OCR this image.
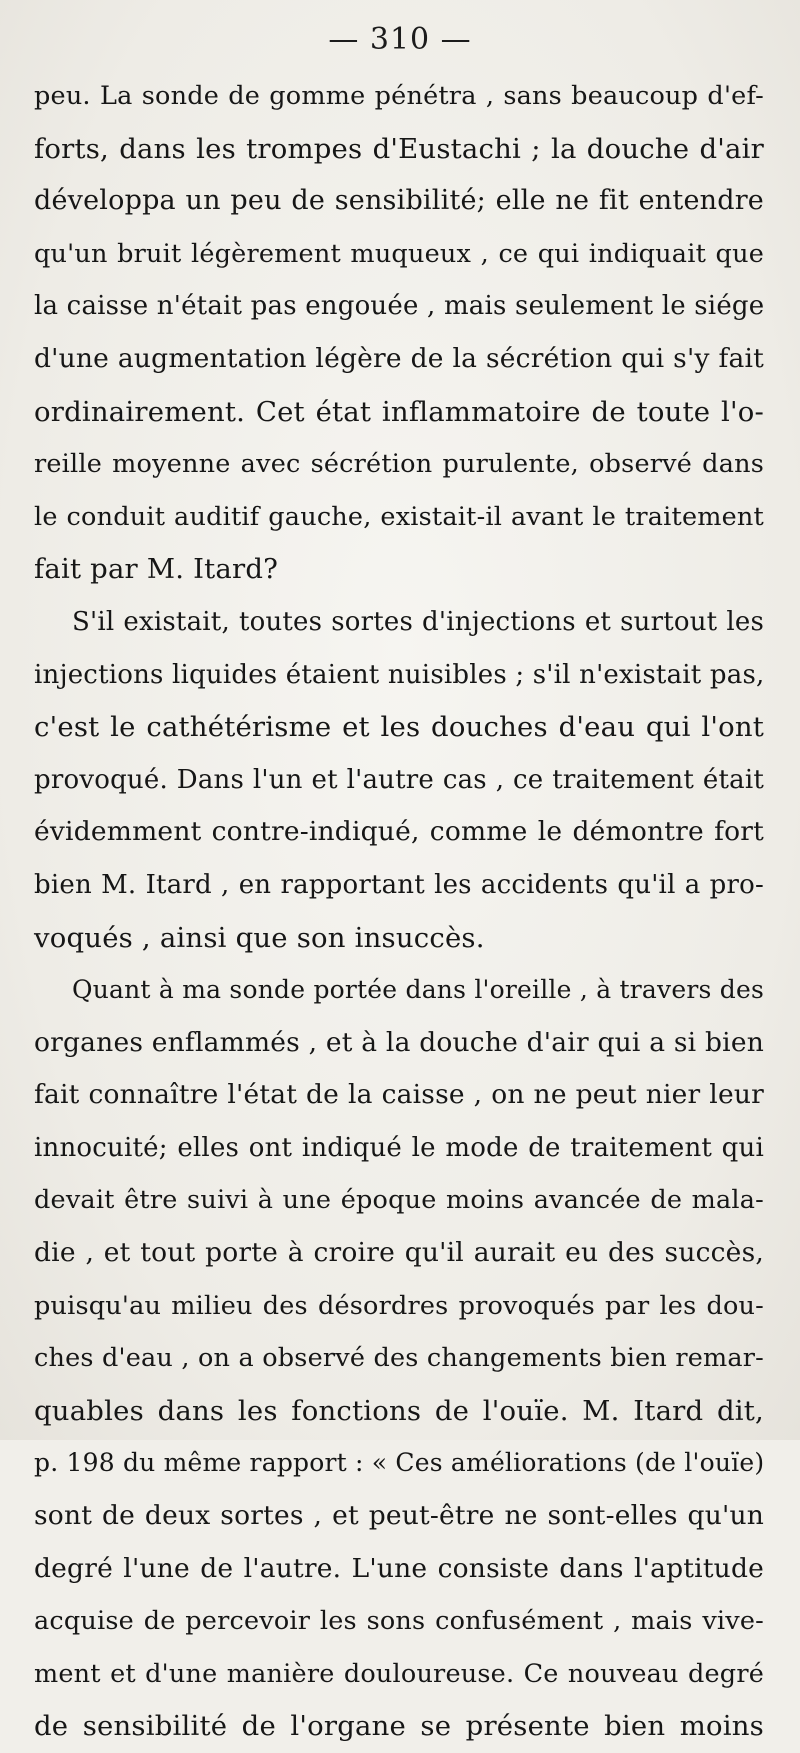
— 310 —
peu. La sonde de gomme pénétra , sans beaucoup d'ef-
forts, dans les trompes d'Eustachi ; la douche d'air
développa un peu de sensibilité; elle ne fit entendre
qu'un bruit légèrement muqueux , ce qui indiquait que
la caisse n'était pas engouée , mais seulement le siége
d'une augmentation légère de la sécrétion qui s'y fait
ordinairement. Cet état inflammatoire de toute l'o-
reille moyenne avec sécrétion purulente, observé dans
le conduit auditif gauche, existait-il avant le traitement
fait par M. Itard?
S'il existait, toutes sortes d'injections et surtout les
injections liquides étaient nuisibles ; s'il n'existait pas,
c'est le cathétérisme et les douches d'eau qui l'ont
provoqué. Dans l'un et l'autre cas , ce traitement était
évidemment contre-indiqué, comme le démontre fort
bien M. Itard , en rapportant les accidents qu'il a pro-
voqués , ainsi que son insuccès.
Quant à ma sonde portée dans l'oreille , à travers des
organes enflammés , et à la douche d'air qui a si bien
fait connaître l'état de la caisse , on ne peut nier leur
innocuité; elles ont indiqué le mode de traitement qui
devait être suivi à une époque moins avancée de mala-
die , et tout porte à croire qu'il aurait eu des succès,
puisqu'au milieu des désordres provoqués par les dou-
ches d'eau , on a observé des changements bien remar-
quables dans les fonctions de l'ouïe. M. Itard dit,
p. 198 du même rapport : « Ces améliorations (de l'ouïe)
sont de deux sortes , et peut-être ne sont-elles qu'un
degré l'une de l'autre. L'une consiste dans l'aptitude
acquise de percevoir les sons confusément , mais vive-
ment et d'une manière douloureuse. Ce nouveau degré
de sensibilité de l'organe se présente bien moins
